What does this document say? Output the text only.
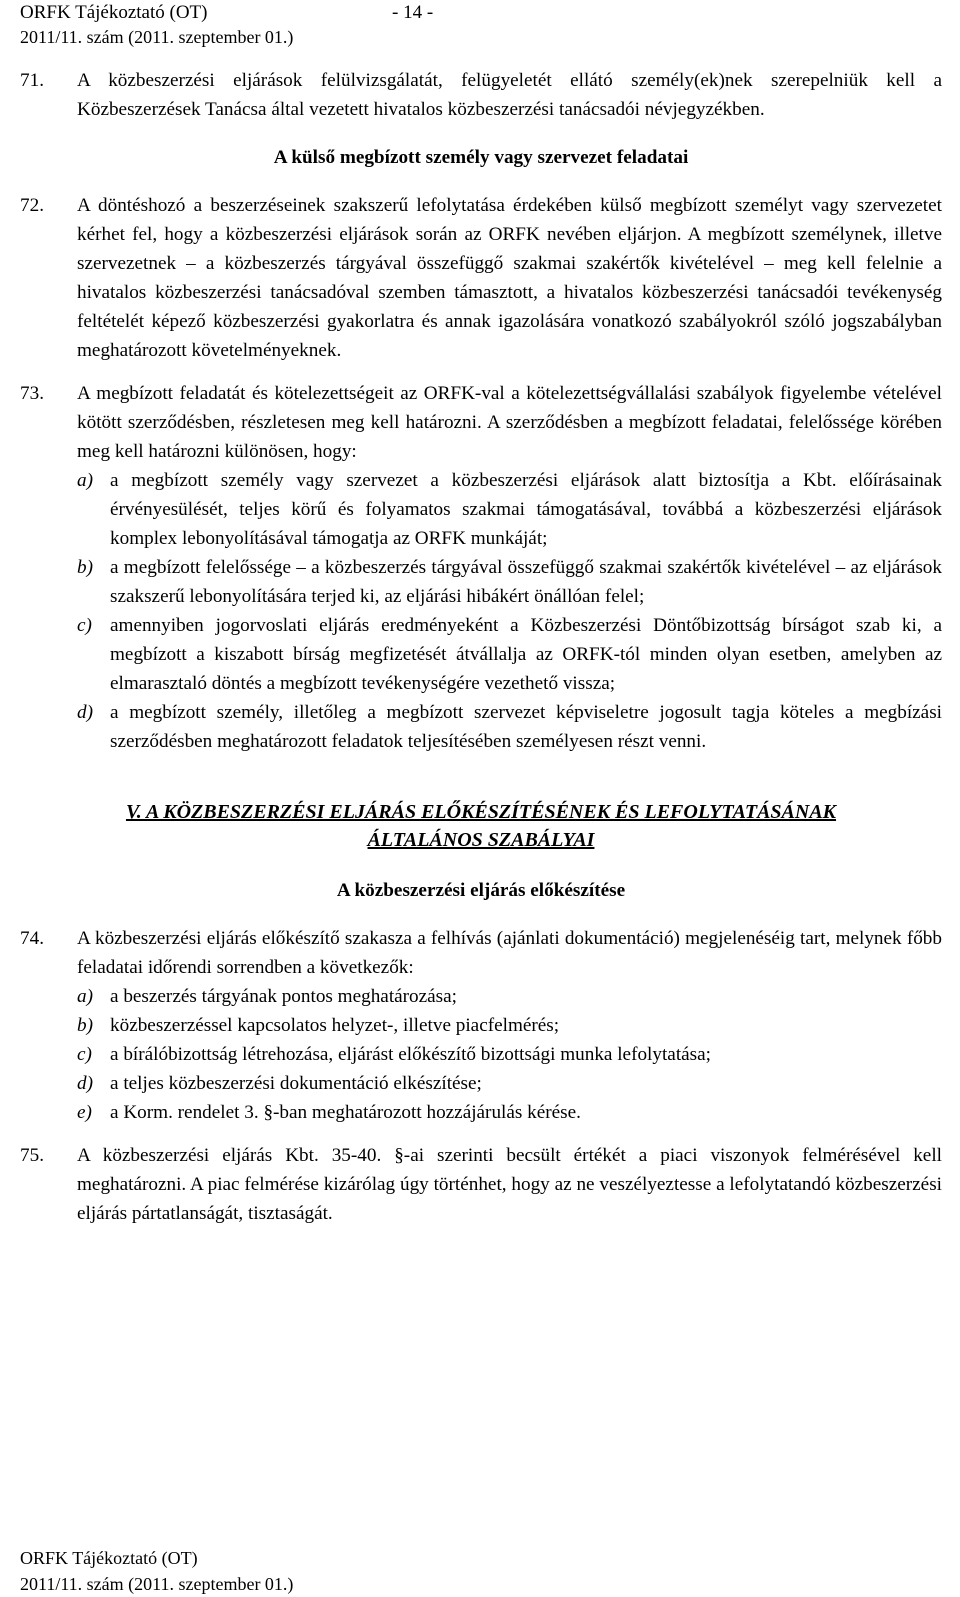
ORFK Tájékoztató (OT)	- 14 -
2011/11. szám (2011. szeptember 01.)

71. A közbeszerzési eljárások felülvizsgálatát, felügyeletét ellátó személy(ek)nek szerepelniük kell a Közbeszerzések Tanácsa által vezetett hivatalos közbeszerzési tanácsadói névjegyzékben.

A külső megbízott személy vagy szervezet feladatai

72. A döntéshozó a beszerzéseinek szakszerű lefolytatása érdekében külső megbízott személyt vagy szervezetet kérhet fel, hogy a közbeszerzési eljárások során az ORFK nevében eljárjon. A megbízott személynek, illetve szervezetnek – a közbeszerzés tárgyával összefüggő szakmai szakértők kivételével – meg kell felelnie a hivatalos közbeszerzési tanácsadóval szemben támasztott, a hivatalos közbeszerzési tanácsadói tevékenység feltételét képező közbeszerzési gyakorlatra és annak igazolására vonatkozó szabályokról szóló jogszabályban meghatározott követelményeknek.

73. A megbízott feladatát és kötelezettségeit az ORFK-val a kötelezettségvállalási szabályok figyelembe vételével kötött szerződésben, részletesen meg kell határozni. A szerződésben a megbízott feladatai, felelőssége körében meg kell határozni különösen, hogy:

a) a megbízott személy vagy szervezet a közbeszerzési eljárások alatt biztosítja a Kbt. előírásainak érvényesülését, teljes körű és folyamatos szakmai támogatásával, továbbá a közbeszerzési eljárások komplex lebonyolításával támogatja az ORFK munkáját;

b) a megbízott felelőssége – a közbeszerzés tárgyával összefüggő szakmai szakértők kivételével – az eljárások szakszerű lebonyolítására terjed ki, az eljárási hibákért önállóan felel;

c) amennyiben jogorvoslati eljárás eredményeként a Közbeszerzési Döntőbizottság bírságot szab ki, a megbízott a kiszabott bírság megfizetését átvállalja az ORFK-tól minden olyan esetben, amelyben az elmarasztaló döntés a megbízott tevékenységére vezethető vissza;

d) a megbízott személy, illetőleg a megbízott szervezet képviseletre jogosult tagja köteles a megbízási szerződésben meghatározott feladatok teljesítésében személyesen részt venni.

V. A KÖZBESZERZÉSI ELJÁRÁS ELŐKÉSZÍTÉSÉNEK ÉS LEFOLYTATÁSÁNAK
ÁLTALÁNOS SZABÁLYAI

A közbeszerzési eljárás előkészítése

74. A közbeszerzési eljárás előkészítő szakasza a felhívás (ajánlati dokumentáció) megjelenéséig tart, melynek főbb feladatai időrendi sorrendben a következők:

a) a beszerzés tárgyának pontos meghatározása;

b) közbeszerzéssel kapcsolatos helyzet-, illetve piacfelmérés;

c) a bírálóbizottság létrehozása, eljárást előkészítő bizottsági munka lefolytatása;

d) a teljes közbeszerzési dokumentáció elkészítése;

e) a Korm. rendelet 3. §-ban meghatározott hozzájárulás kérése.

75. A közbeszerzési eljárás Kbt. 35-40. §-ai szerinti becsült értékét a piaci viszonyok felmérésével kell meghatározni. A piac felmérése kizárólag úgy történhet, hogy az ne veszélyeztesse a lefolytatandó közbeszerzési eljárás pártatlanságát, tisztaságát.

ORFK Tájékoztató (OT)
2011/11. szám (2011. szeptember 01.)
